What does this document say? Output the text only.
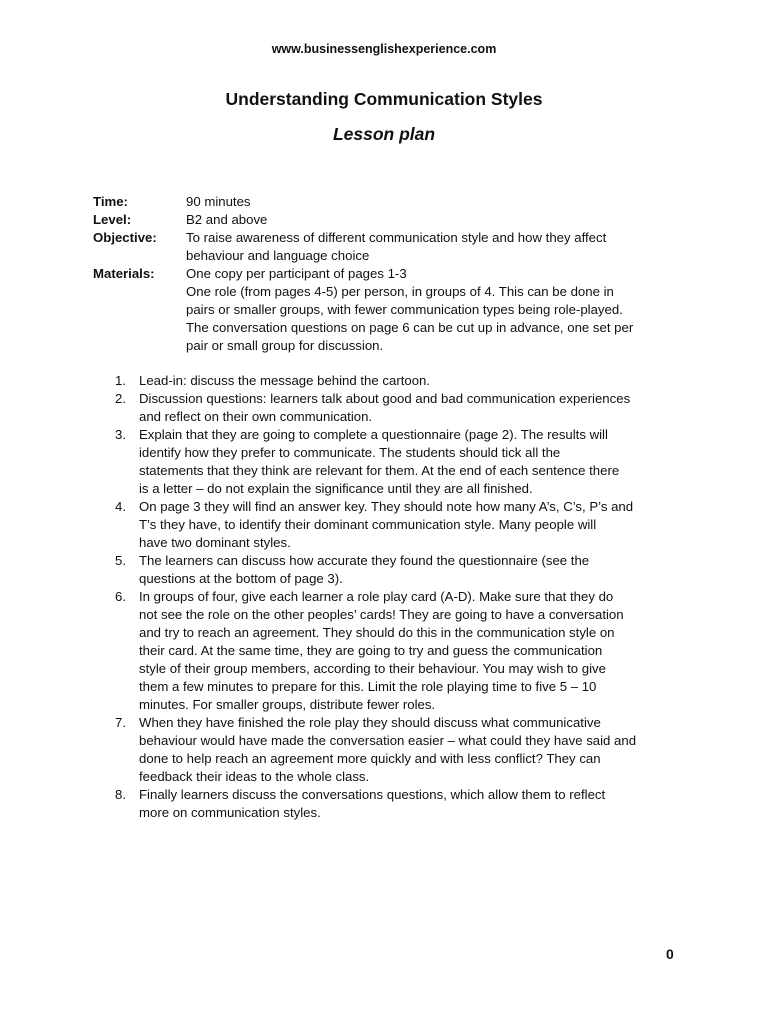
www.businessenglishexperience.com
Understanding Communication Styles
Lesson plan
Time:	90 minutes
Level:	B2 and above
Objective:	To raise awareness of different communication style and how they affect
behaviour and language choice
Materials:	One copy per participant of pages 1-3
One role (from pages 4-5) per person, in groups of 4. This can be done in
pairs or smaller groups, with fewer communication types being role-played.
The conversation questions on page 6 can be cut up in advance, one set per
pair or small group for discussion.
1. Lead-in: discuss the message behind the cartoon.
2. Discussion questions: learners talk about good and bad communication experiences
and reflect on their own communication.
3. Explain that they are going to complete a questionnaire (page 2). The results will
identify how they prefer to communicate. The students should tick all the
statements that they think are relevant for them. At the end of each sentence there
is a letter – do not explain the significance until they are all finished.
4. On page 3 they will find an answer key. They should note how many A’s, C’s, P’s and
T’s they have, to identify their dominant communication style. Many people will
have two dominant styles.
5. The learners can discuss how accurate they found the questionnaire (see the
questions at the bottom of page 3).
6. In groups of four, give each learner a role play card (A-D). Make sure that they do
not see the role on the other peoples’ cards! They are going to have a conversation
and try to reach an agreement. They should do this in the communication style on
their card. At the same time, they are going to try and guess the communication
style of their group members, according to their behaviour. You may wish to give
them a few minutes to prepare for this. Limit the role playing time to five 5 – 10
minutes. For smaller groups, distribute fewer roles.
7. When they have finished the role play they should discuss what communicative
behaviour would have made the conversation easier – what could they have said and
done to help reach an agreement more quickly and with less conflict? They can
feedback their ideas to the whole class.
8. Finally learners discuss the conversations questions, which allow them to reflect
more on communication styles.
0
